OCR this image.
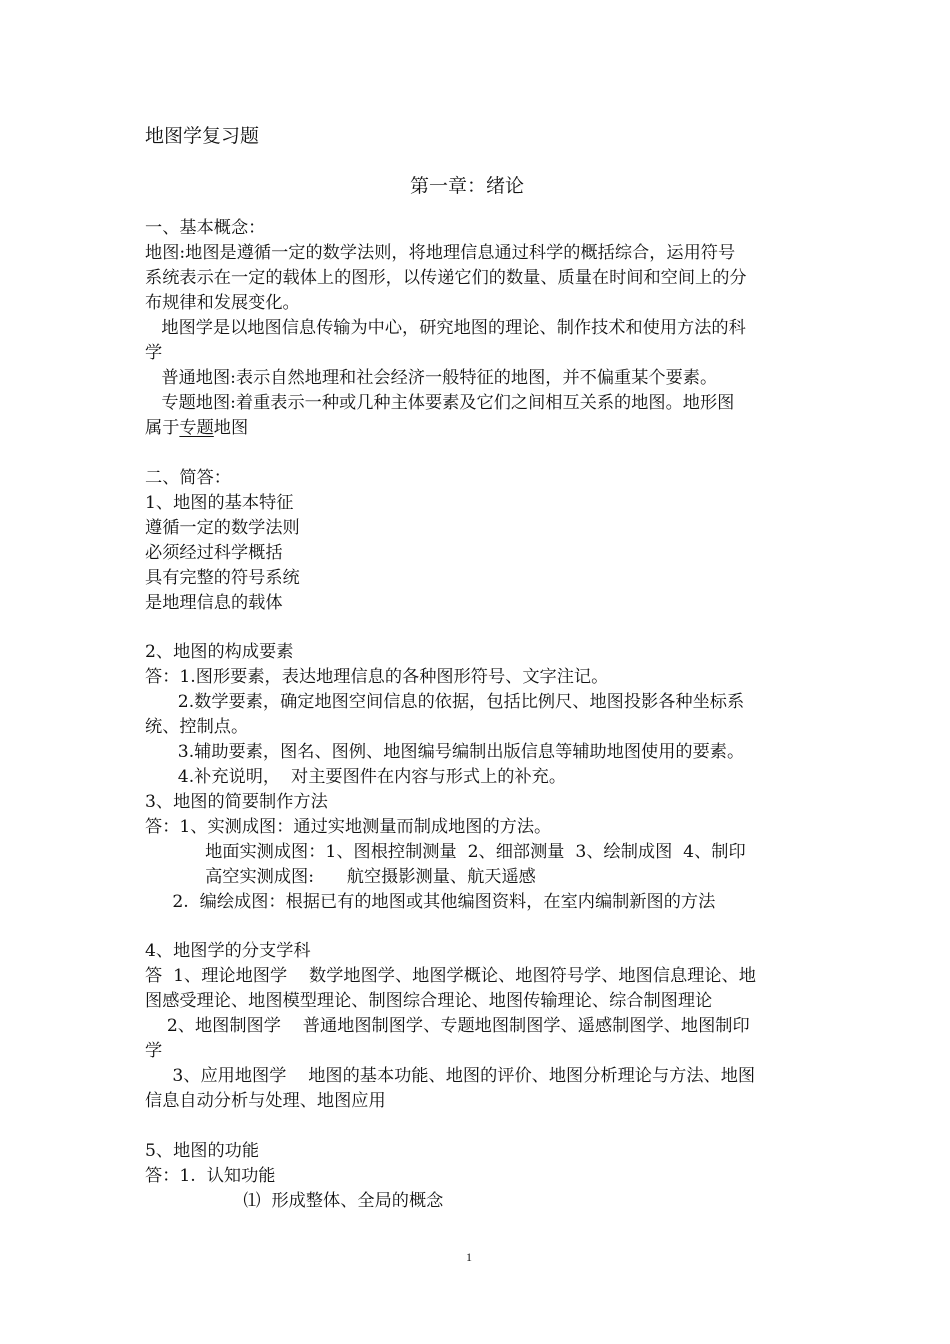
地图学复习题

第一章：绪论

一、基本概念：

地图:地图是遵循一定的数学法则，将地理信息通过科学的概括综合，运用符号

系统表示在一定的载体上的图形，以传递它们的数量、质量在时间和空间上的分

布规律和发展变化。

地图学是以地图信息传输为中心，研究地图的理论、制作技术和使用方法的科

学

普通地图:表示自然地理和社会经济一般特征的地图，并不偏重某个要素。

专题地图:着重表示一种或几种主体要素及它们之间相互关系的地图。地形图

属于专题地图

二、简答：

1、地图的基本特征

遵循一定的数学法则

必须经过科学概括

具有完整的符号系统

是地理信息的载体

2、地图的构成要素

答：1.图形要素，表达地理信息的各种图形符号、文字注记。

2.数学要素，确定地图空间信息的依据，包括比例尺、地图投影各种坐标系

统、控制点。

3.辅助要素，图名、图例、地图编号编制出版信息等辅助地图使用的要素。

4.补充说明，  对主要图件在内容与形式上的补充。

3、地图的简要制作方法

答：1、实测成图：通过实地测量而制成地图的方法。

地面实测成图：1、图根控制测量  2、细部测量  3、绘制成图  4、制印

高空实测成图:      航空摄影测量、航天遥感

2.  编绘成图：根据已有的地图或其他编图资料，在室内编制新图的方法

4、地图学的分支学科

答  1、理论地图学    数学地图学、地图学概论、地图符号学、地图信息理论、地

图感受理论、地图模型理论、制图综合理论、地图传输理论、综合制图理论

2、地图制图学    普通地图制图学、专题地图制图学、遥感制图学、地图制印

学

3、应用地图学    地图的基本功能、地图的评价、地图分析理论与方法、地图

信息自动分析与处理、地图应用

5、地图的功能

答：1.  认知功能

⑴  形成整体、全局的概念

1
